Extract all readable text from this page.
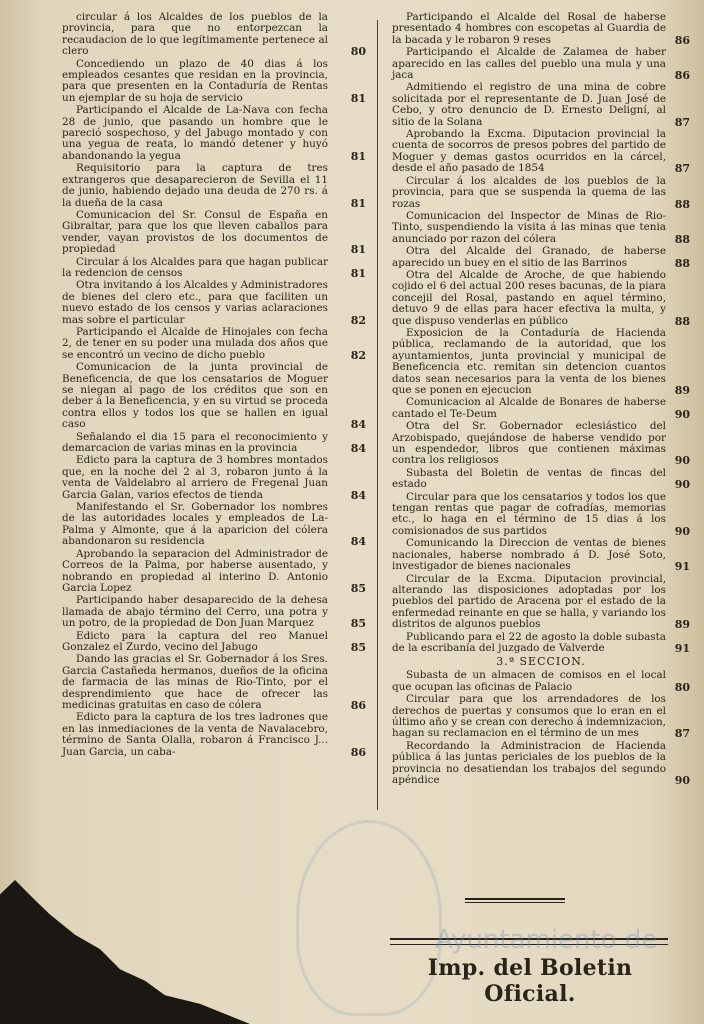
circular á los Alcaldes de los pueblos de la provincia, para que no entorpezcan la recaudacion de lo que legítimamente pertenece al clero	80
Concediendo un plazo de 40 dias á los empleados cesantes que residan en la provincia, para que presenten en la Contaduría de Rentas un ejemplar de su hoja de servicio	81
Participando el Alcalde de La-Nava con fecha 28 de junio, que pasando un hombre que le pareció sospechoso, y del Jabugo montado y con una yegua de reata, lo mandó detener y huyó abandonando la yegua	81
Requisitorio para la captura de tres extrangeros que desaparecieron de Sevilla el 11 de junio, habiendo dejado una deuda de 270 rs. á la dueña de la casa	81
Comunicacion del Sr. Consul de España en Gibraltar, para que los que lleven caballos para vender, vayan provistos de los documentos de propiedad	81
Circular á los Alcaldes para que hagan publicar la redencion de censos	81
Otra invitando á los Alcaldes y Administradores de bienes del clero etc., para que faciliten un nuevo estado de los censos y varias aclaraciones mas sobre el particular	82
Participando el Alcalde de Hinojales con fecha 2, de tener en su poder una mulada dos años que se encontró un vecino de dicho pueblo	82
Comunicacion de la junta provincial de Beneficencia, de que los censatarios de Moguer se niegan al pago de los créditos que son en deber á la Beneficencia, y en su virtud se proceda contra ellos y todos los que se hallen en igual caso	84
Señalando el dia 15 para el reconocimiento y demarcacion de varias minas en la provincia	84
Edicto para la captura de 3 hombres montados que, en la noche del 2 al 3, robaron junto á la venta de Valdelabro al arriero de Fregenal Juan Garcia Galan, varios efectos de tienda	84
Manifestando el Sr. Gobernador los nombres de las autoridades locales y empleados de La-Palma y Almonte, que á la aparicion del cólera abandonaron su residencia	84
Aprobando la separacion del Administrador de Correos de la Palma, por haberse ausentado, y nobrando en propiedad al interino D. Antonio Garcia Lopez	85
Participando haber desaparecido de la dehesa llamada de abajo término del Cerro, una potra y un potro, de la propiedad de Don Juan Marquez	85
Edicto para la captura del reo Manuel Gonzalez el Zurdo, vecino del Jabugo	85
Dando las gracias el Sr. Gobernador á los Sres. Garcia Castañeda hermanos, dueños de la oficina de farmacia de las minas de Rio-Tinto, por el desprendimiento que hace de ofrecer las medicinas gratuitas en caso de cólera	86
Edicto para la captura de los tres ladrones que en las inmediaciones de la venta de Navalacebro, término de Santa Olalla, robaron á Francisco J... Juan Garcia, un caba-	86
Participando el Alcalde del Rosal de haberse presentado 4 hombres con escopetas al Guardia de la bacada y le robaron 9 reses	86
Participando el Alcalde de Zalamea de haber aparecido en las calles del pueblo una mula y una jaca	86
Admitiendo el registro de una mina de cobre solicitada por el representante de D. Juan José de Cebo, y otro denuncio de D. Ernesto Deligní, al sitio de la Solana	87
Aprobando la Excma. Diputacion provincial la cuenta de socorros de presos pobres del partido de Moguer y demas gastos ocurridos en la cárcel, desde el año pasado de 1854	87
Circular á los alcaldes de los pueblos de la provincia, para que se suspenda la quema de las rozas	88
Comunicacion del Inspector de Minas de Rio-Tinto, suspendiendo la visita á las minas que tenia anunciado por razon del cólera	88
Otra del Alcalde del Granado, de haberse aparecido un buey en el sitio de las Barrinos	88
Otra del Alcalde de Aroche, de que habiendo cojido el 6 del actual 200 reses bacunas, de la piara concejil del Rosal, pastando en aquel término, detuvo 9 de ellas para hacer efectiva la multa, y que dispuso venderlas en público	88
Exposicion de la Contaduría de Hacienda pública, reclamando de la autoridad, que los ayuntamientos, junta provincial y municipal de Beneficencia etc. remitan sin detencion cuantos datos sean necesarios para la venta de los bienes que se ponen en ejecucion	89
Comunicacion al Alcalde de Bonares de haberse cantado el Te-Deum	90
Otra del Sr. Gobernador eclesiástico del Arzobispado, quejándose de haberse vendido por un espendedor, libros que contienen máximas contra los religiosos	90
Subasta del Boletin de ventas de fincas del estado	90
Circular para que los censatarios y todos los que tengan rentas que pagar de cofradías, memorias etc., lo haga en el término de 15 dias á los comisionados de sus partidos	90
Comunicando la Direccion de ventas de bienes nacionales, haberse nombrado á D. José Soto, investigador de bienes nacionales	91
Circular de la Excma. Diputacion provincial, alterando las disposiciones adoptadas por los pueblos del partido de Aracena por el estado de la enfermedad reinante en que se halla, y variando los distritos de algunos pueblos	89
Publicando para el 22 de agosto la doble subasta de la escribanía del juzgado de Valverde	91
3.ª SECCION.
Subasta de un almacen de comisos en el local que ocupan las oficinas de Palacio	80
Circular para que los arrendadores de los derechos de puertas y consumos que lo eran en el último año y se crean con derecho á indemnizacion, hagan su reclamacion en el término de un mes	87
Recordando la Administracion de Hacienda pública á las juntas periciales de los pueblos de la provincia no desatiendan los trabajos del segundo apéndice	90
Ayuntamiento de
Imp. del Boletin Oficial.
